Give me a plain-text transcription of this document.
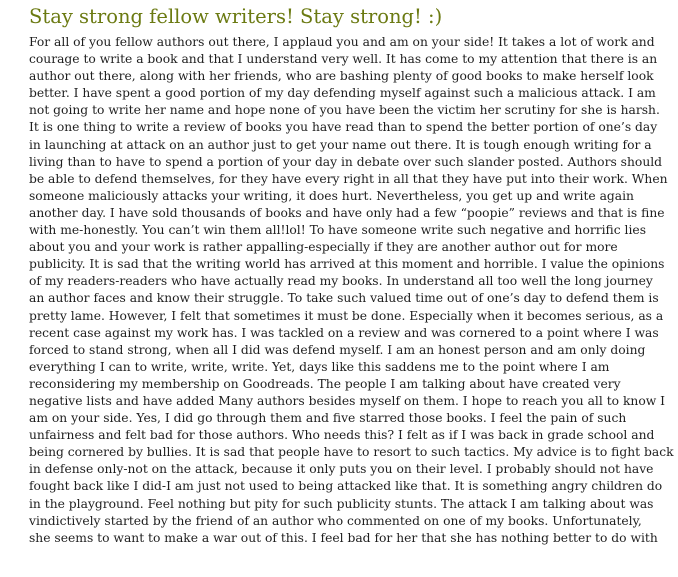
Stay strong fellow writers! Stay strong! :)

For all of you fellow authors out there, I applaud you and am on your side! It takes a lot of work and
courage to write a book and that I understand very well. It has come to my attention that there is an
author out there, along with her friends, who are bashing plenty of good books to make herself look
better. I have spent a good portion of my day defending myself against such a malicious attack. I am
not going to write her name and hope none of you have been the victim her scrutiny for she is harsh.
It is one thing to write a review of books you have read than to spend the better portion of one’s day
in launching at attack on an author just to get your name out there. It is tough enough writing for a
living than to have to spend a portion of your day in debate over such slander posted. Authors should
be able to defend themselves, for they have every right in all that they have put into their work. When
someone maliciously attacks your writing, it does hurt. Nevertheless, you get up and write again
another day. I have sold thousands of books and have only had a few “poopie” reviews and that is fine
with me-honestly. You can’t win them all!lol! To have someone write such negative and horrific lies
about you and your work is rather appalling-especially if they are another author out for more
publicity. It is sad that the writing world has arrived at this moment and horrible. I value the opinions
of my readers-readers who have actually read my books. In understand all too well the long journey
an author faces and know their struggle. To take such valued time out of one’s day to defend them is
pretty lame. However, I felt that sometimes it must be done. Especially when it becomes serious, as a
recent case against my work has. I was tackled on a review and was cornered to a point where I was
forced to stand strong, when all I did was defend myself. I am an honest person and am only doing
everything I can to write, write, write. Yet, days like this saddens me to the point where I am
reconsidering my membership on Goodreads. The people I am talking about have created very
negative lists and have added Many authors besides myself on them. I hope to reach you all to know I
am on your side. Yes, I did go through them and five starred those books. I feel the pain of such
unfairness and felt bad for those authors. Who needs this? I felt as if I was back in grade school and
being cornered by bullies. It is sad that people have to resort to such tactics. My advice is to fight back
in defense only-not on the attack, because it only puts you on their level. I probably should not have
fought back like I did-I am just not used to being attacked like that. It is something angry children do
in the playground. Feel nothing but pity for such publicity stunts. The attack I am talking about was
vindictively started by the friend of an author who commented on one of my books. Unfortunately,
she seems to want to make a war out of this. I feel bad for her that she has nothing better to do with
